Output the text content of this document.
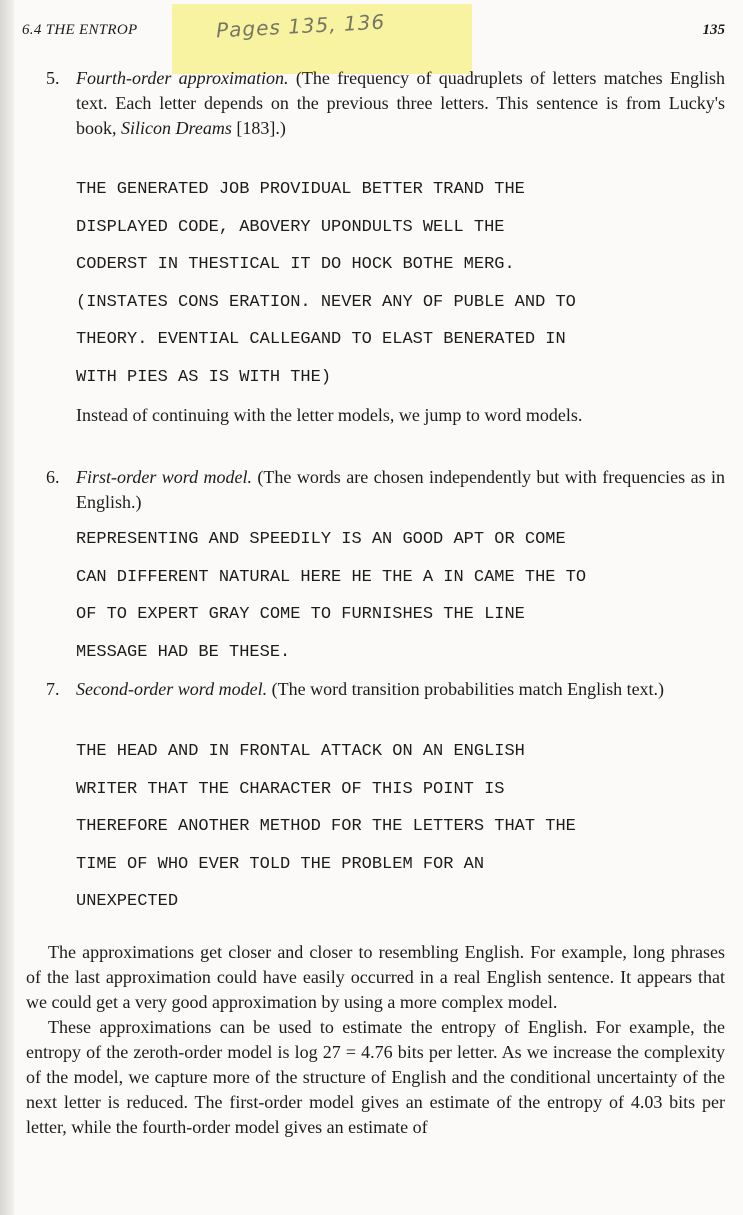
6.4 THE ENTROP	135
Pages 135, 136
5. Fourth-order approximation. (The frequency of quadruplets of letters matches English text. Each letter depends on the previous three letters. This sentence is from Lucky's book, Silicon Dreams [183].)
THE GENERATED JOB PROVIDUAL BETTER TRAND THE
DISPLAYED CODE, ABOVERY UPONDULTS WELL THE
CODERST IN THESTICAL IT DO HOCK BOTHE MERG.
(INSTATES CONS ERATION. NEVER ANY OF PUBLE AND TO
THEORY. EVENTIAL CALLEGAND TO ELAST BENERATED IN
WITH PIES AS IS WITH THE)
Instead of continuing with the letter models, we jump to word models.
6. First-order word model. (The words are chosen independently but with frequencies as in English.)
REPRESENTING AND SPEEDILY IS AN GOOD APT OR COME
CAN DIFFERENT NATURAL HERE HE THE A IN CAME THE TO
OF TO EXPERT GRAY COME TO FURNISHES THE LINE
MESSAGE HAD BE THESE.
7. Second-order word model. (The word transition probabilities match English text.)
THE HEAD AND IN FRONTAL ATTACK ON AN ENGLISH
WRITER THAT THE CHARACTER OF THIS POINT IS
THEREFORE ANOTHER METHOD FOR THE LETTERS THAT THE
TIME OF WHO EVER TOLD THE PROBLEM FOR AN
UNEXPECTED

The approximations get closer and closer to resembling English. For example, long phrases of the last approximation could have easily occurred in a real English sentence. It appears that we could get a very good approximation by using a more complex model.

These approximations can be used to estimate the entropy of English. For example, the entropy of the zeroth-order model is log 27 = 4.76 bits per letter. As we increase the complexity of the model, we capture more of the structure of English and the conditional uncertainty of the next letter is reduced. The first-order model gives an estimate of the entropy of 4.03 bits per letter, while the fourth-order model gives an estimate of
